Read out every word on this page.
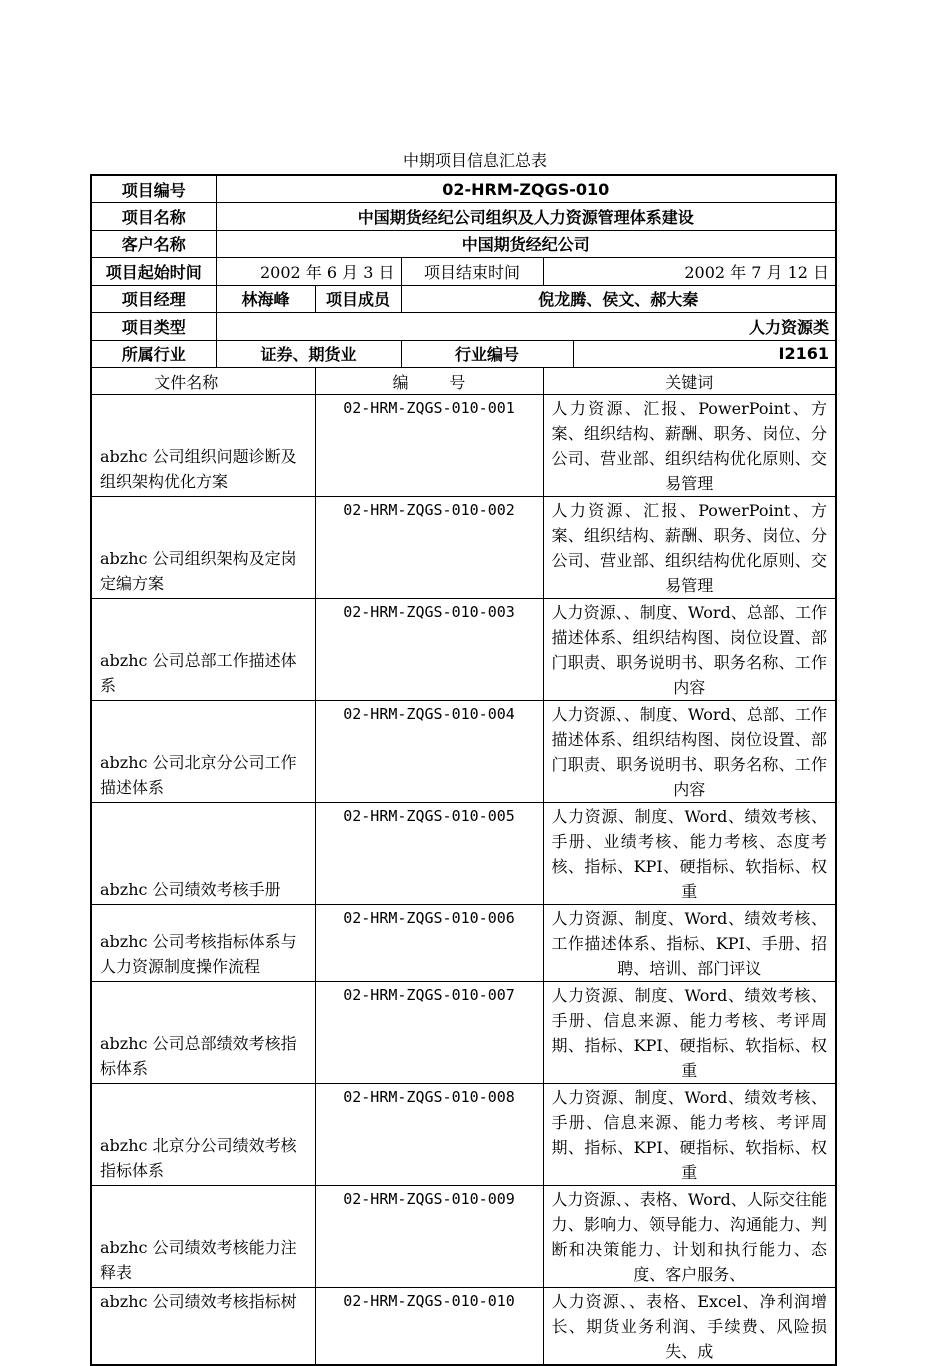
中期项目信息汇总表
项目编号	02-HRM-ZQGS-010				
项目名称	中国期货经纪公司组织及人力资源管理体系建设				
客户名称	中国期货经纪公司				
项目起始时间	2002 年 6 月 3 日		项目结束时间	2002 年 7 月 12 日	
项目经理	林海峰	项目成员	倪龙腾、侯文、郝大秦		
项目类型	人力资源类				
所属行业	证券、期货业		行业编号		I2161
文件名称		编        号		关键词	
abzhc 公司组织问题诊断及组织架构优化方案		02-HRM-ZQGS-010-001		人力资源、汇报、PowerPoint、方案、组织结构、薪酬、职务、岗位、分公司、营业部、组织结构优化原则、交易管理	
abzhc 公司组织架构及定岗定编方案		02-HRM-ZQGS-010-002		人力资源、汇报、PowerPoint、方案、组织结构、薪酬、职务、岗位、分公司、营业部、组织结构优化原则、交易管理	
abzhc 公司总部工作描述体系		02-HRM-ZQGS-010-003		人力资源、、制度、Word、总部、工作描述体系、组织结构图、岗位设置、部门职责、职务说明书、职务名称、工作内容	
abzhc 公司北京分公司工作描述体系		02-HRM-ZQGS-010-004		人力资源、、制度、Word、总部、工作描述体系、组织结构图、岗位设置、部门职责、职务说明书、职务名称、工作内容	
abzhc 公司绩效考核手册		02-HRM-ZQGS-010-005		人力资源、制度、Word、绩效考核、手册、业绩考核、能力考核、态度考核、指标、KPI、硬指标、软指标、权重	
abzhc 公司考核指标体系与人力资源制度操作流程		02-HRM-ZQGS-010-006		人力资源、制度、Word、绩效考核、工作描述体系、指标、KPI、手册、招聘、培训、部门评议	
abzhc 公司总部绩效考核指标体系		02-HRM-ZQGS-010-007		人力资源、制度、Word、绩效考核、手册、信息来源、能力考核、考评周期、指标、KPI、硬指标、软指标、权重	
abzhc 北京分公司绩效考核指标体系		02-HRM-ZQGS-010-008		人力资源、制度、Word、绩效考核、手册、信息来源、能力考核、考评周期、指标、KPI、硬指标、软指标、权重	
abzhc 公司绩效考核能力注释表		02-HRM-ZQGS-010-009		人力资源、、表格、Word、人际交往能力、影响力、领导能力、沟通能力、判断和决策能力、计划和执行能力、态度、客户服务、	
abzhc 公司绩效考核指标树		02-HRM-ZQGS-010-010		人力资源、、表格、Excel、净利润增长、期货业务利润、手续费、风险损失、成	
